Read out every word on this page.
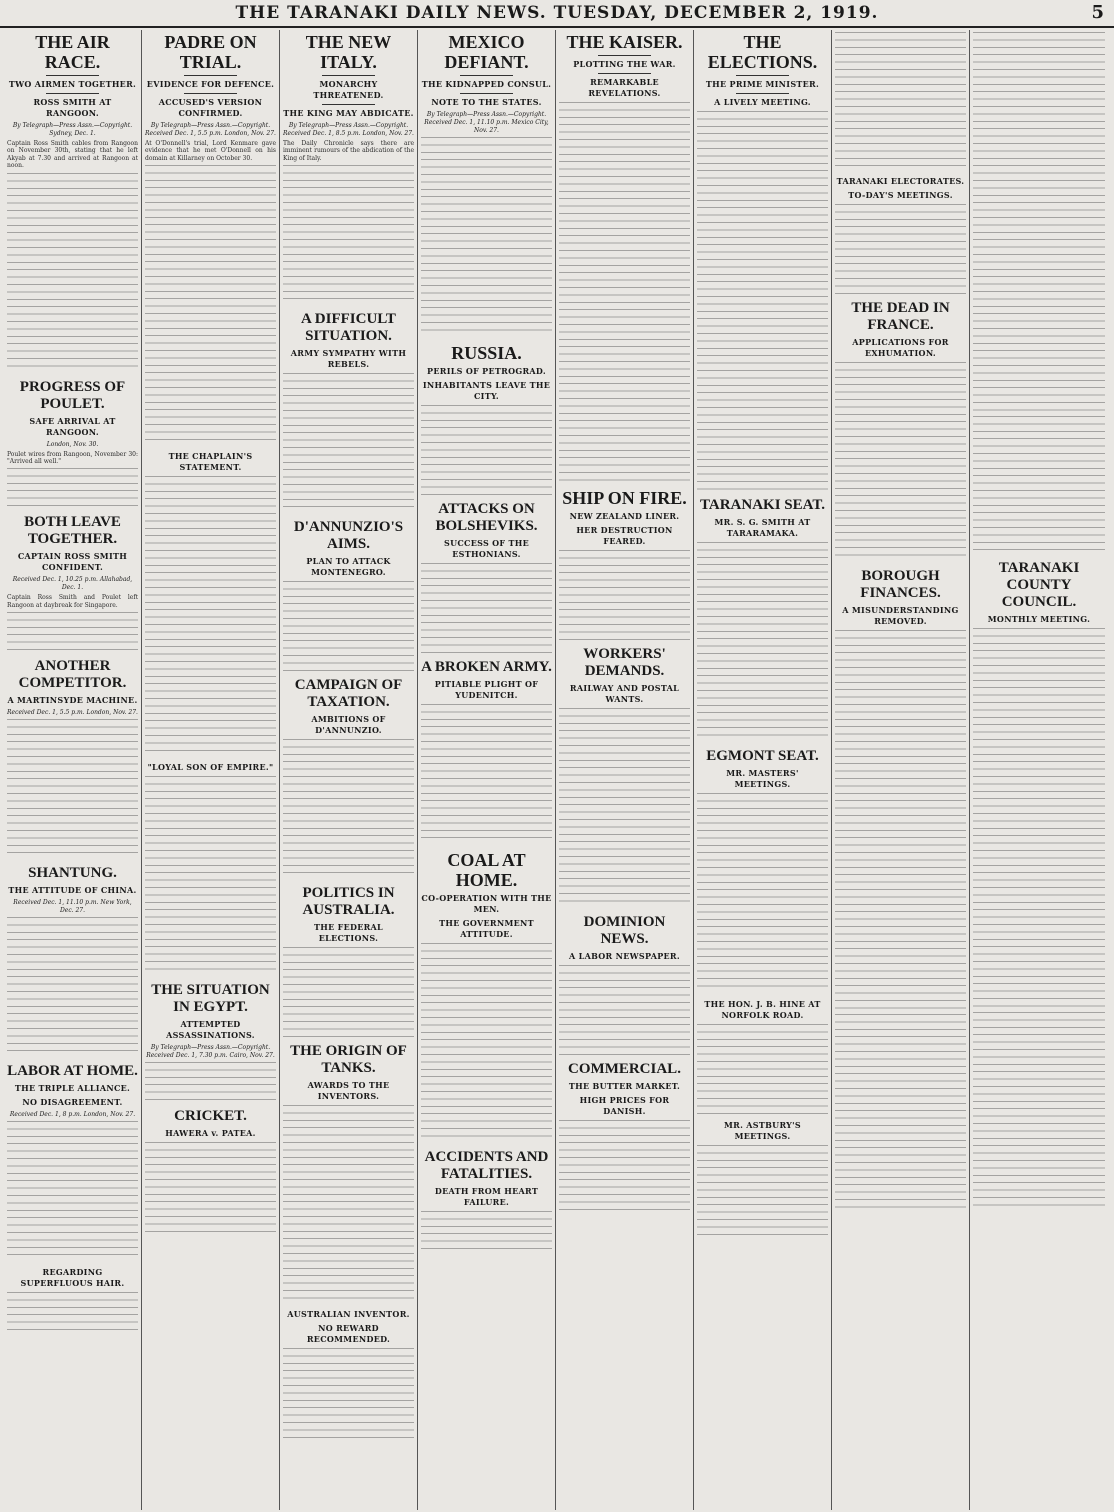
THE TARANAKI DAILY NEWS. TUESDAY, DECEMBER 2, 1919.	5
THE AIR RACE.
TWO AIRMEN TOGETHER.
ROSS SMITH AT RANGOON.
By Telegraph—Press Assn.—Copyright. Sydney, Dec. 1.

Captain Ross Smith cables from Rangoon on November 30th, stating that he left Akyab at 7.30 and arrived at Rangoon at noon.

PROGRESS OF POULET.
SAFE ARRIVAL AT RANGOON.
London, Nov. 30.

Poulet wires from Rangoon, November 30: "Arrived all well."

BOTH LEAVE TOGETHER.
CAPTAIN ROSS SMITH CONFIDENT.
Received Dec. 1, 10.25 p.m. Allahabad, Dec. 1.

Captain Ross Smith and Poulet left Rangoon at daybreak for Singapore.

ANOTHER COMPETITOR.
A MARTINSYDE MACHINE.
Received Dec. 1, 5.5 p.m. London, Nov. 27.
SHANTUNG.
THE ATTITUDE OF CHINA.
Received Dec. 1, 11.10 p.m. New York, Dec. 27.
LABOR AT HOME.
THE TRIPLE ALLIANCE.
NO DISAGREEMENT.
Received Dec. 1, 8 p.m. London, Nov. 27.
REGARDING SUPERFLUOUS HAIR.
PADRE ON TRIAL.
EVIDENCE FOR DEFENCE.
ACCUSED'S VERSION CONFIRMED.
By Telegraph—Press Assn.—Copyright. Received Dec. 1, 5.5 p.m. London, Nov. 27.

At O'Donnell's trial, Lord Kenmare gave evidence that he met O'Donnell on his domain at Killarney on October 30.

THE CHAPLAIN'S STATEMENT.
"LOYAL SON OF EMPIRE."
THE SITUATION IN EGYPT.
ATTEMPTED ASSASSINATIONS.
By Telegraph—Press Assn.—Copyright. Received Dec. 1, 7.30 p.m. Cairo, Nov. 27.
CRICKET.
HAWERA v. PATEA.
THE NEW ITALY.
MONARCHY THREATENED.
THE KING MAY ABDICATE.
By Telegraph—Press Assn.—Copyright. Received Dec. 1, 8.5 p.m. London, Nov. 27.

The Daily Chronicle says there are imminent rumours of the abdication of the King of Italy.

A DIFFICULT SITUATION.
ARMY SYMPATHY WITH REBELS.
D'ANNUNZIO'S AIMS.
PLAN TO ATTACK MONTENEGRO.
CAMPAIGN OF TAXATION.
AMBITIONS OF D'ANNUNZIO.
POLITICS IN AUSTRALIA.
THE FEDERAL ELECTIONS.
THE ORIGIN OF TANKS.
AWARDS TO THE INVENTORS.
AUSTRALIAN INVENTOR.
NO REWARD RECOMMENDED.
MEXICO DEFIANT.
THE KIDNAPPED CONSUL.
NOTE TO THE STATES.
By Telegraph—Press Assn.—Copyright. Received Dec. 1, 11.10 p.m. Mexico City, Nov. 27.
RUSSIA.
PERILS OF PETROGRAD.
INHABITANTS LEAVE THE CITY.
ATTACKS ON BOLSHEVIKS.
SUCCESS OF THE ESTHONIANS.
A BROKEN ARMY.
PITIABLE PLIGHT OF YUDENITCH.
COAL AT HOME.
CO-OPERATION WITH THE MEN.
THE GOVERNMENT ATTITUDE.
ACCIDENTS AND FATALITIES.
DEATH FROM HEART FAILURE.
THE KAISER.
PLOTTING THE WAR.
REMARKABLE REVELATIONS.
SHIP ON FIRE.
NEW ZEALAND LINER.
HER DESTRUCTION FEARED.
WORKERS' DEMANDS.
RAILWAY AND POSTAL WANTS.
DOMINION NEWS.
A LABOR NEWSPAPER.
COMMERCIAL.
THE BUTTER MARKET.
HIGH PRICES FOR DANISH.
THE ELECTIONS.
THE PRIME MINISTER.
A LIVELY MEETING.
TARANAKI SEAT.
MR. S. G. SMITH AT TARARAMAKA.
EGMONT SEAT.
MR. MASTERS' MEETINGS.
THE HON. J. B. HINE AT NORFOLK ROAD.
MR. ASTBURY'S MEETINGS.
TARANAKI ELECTORATES.
TO-DAY'S MEETINGS.
THE DEAD IN FRANCE.
APPLICATIONS FOR EXHUMATION.
BOROUGH FINANCES.
A MISUNDERSTANDING REMOVED.
TARANAKI COUNTY COUNCIL.
MONTHLY MEETING.
